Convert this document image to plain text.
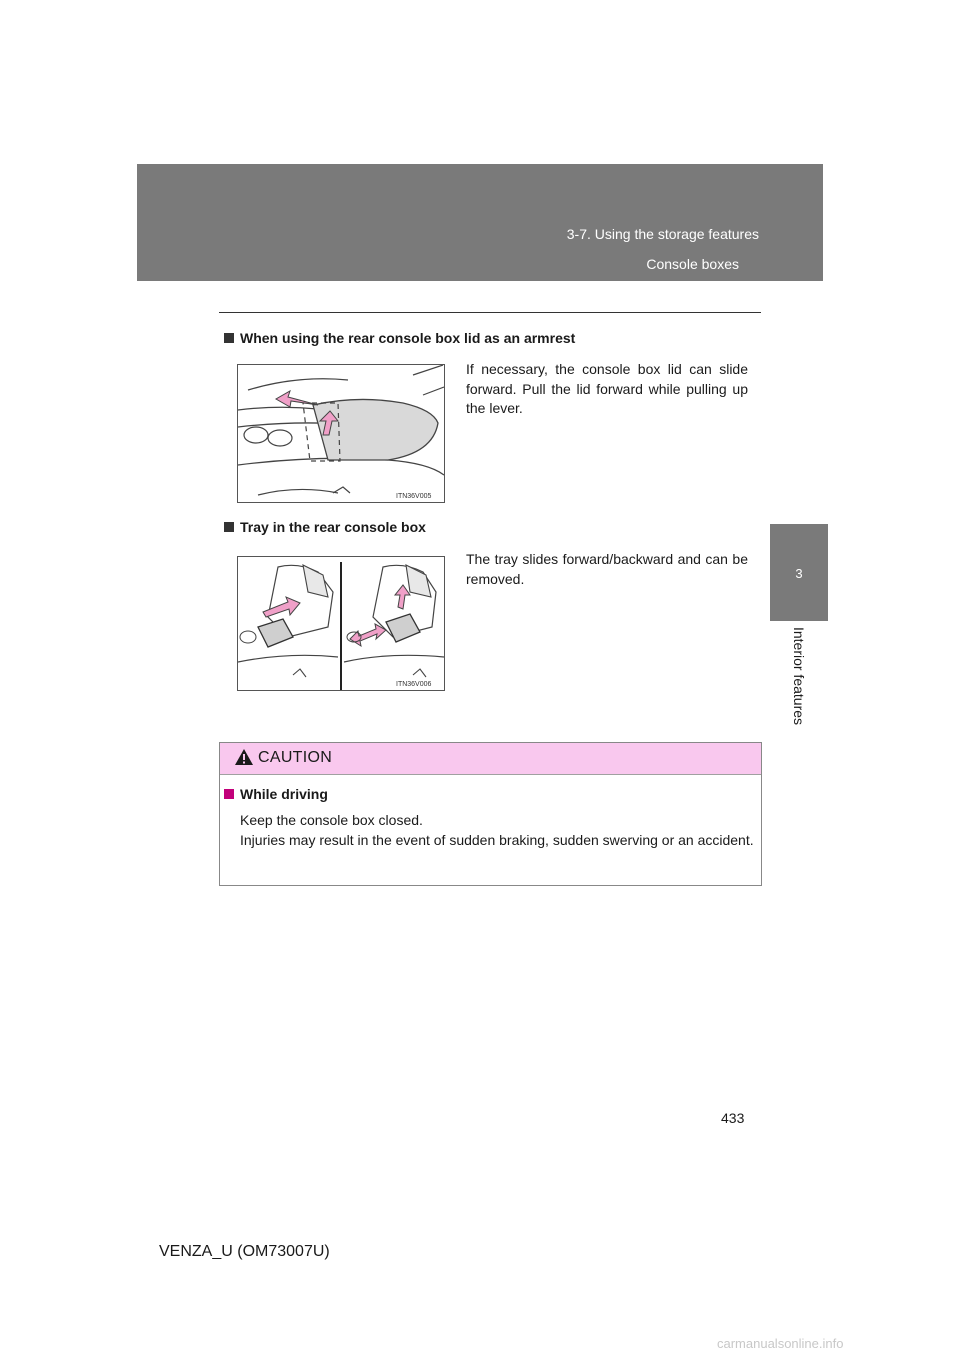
3-7. Using the storage features
Console boxes
3
Interior features
When using the rear console box lid as an armrest
ITN36V005
If necessary, the console box lid can slide forward. Pull the lid forward while pulling up the lever.
Tray in the rear console box
ITN36V006
The tray slides forward/backward and can be removed.
CAUTION
While driving

Keep the console box closed.

Injuries may result in the event of sudden braking, sudden swerving or an accident.

433
VENZA_U (OM73007U)
carmanualsonline.info
